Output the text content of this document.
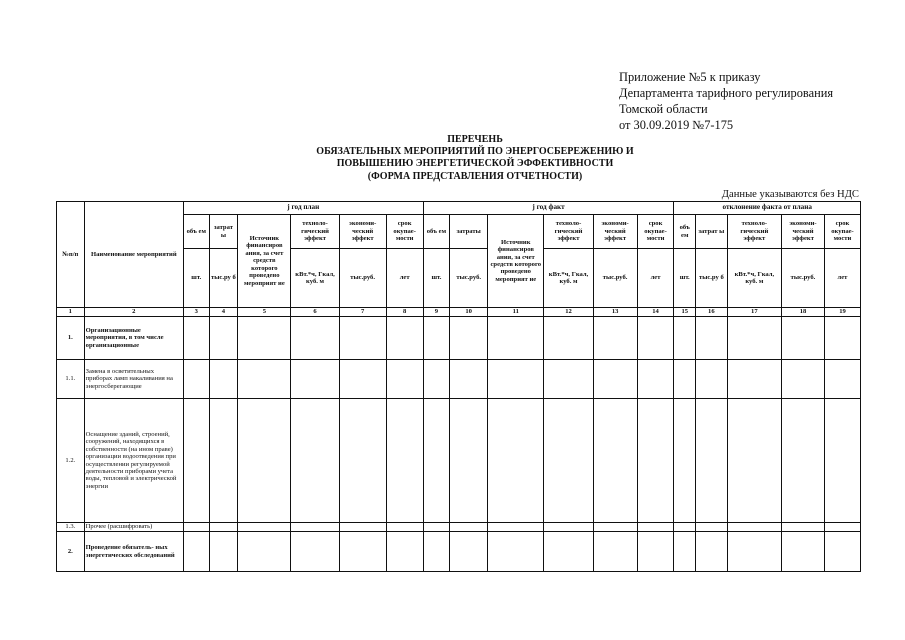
Приложение №5 к приказу
Департамента тарифного регулирования
Томской области
от 30.09.2019 №7-175
ПЕРЕЧЕНЬ
ОБЯЗАТЕЛЬНЫХ МЕРОПРИЯТИЙ ПО ЭНЕРГОСБЕРЕЖЕНИЮ И
ПОВЫШЕНИЮ ЭНЕРГЕТИЧЕСКОЙ ЭФФЕКТИВНОСТИ
(ФОРМА ПРЕДСТАВЛЕНИЯ ОТЧЕТНОСТИ)
Данные указываются без НДС
№п/п	Наименование мероприятий	j год план						j год факт						отклонение факта от плана				
		объ ем	затрат ы	Источник финансиров ания, за счет средств которого проведено мероприят ие	техноло- гический эффект	экономи- ческий эффект	срок окупае- мости	объ ем	затраты	Источник финансиров ания, за счет средств которого проведено мероприят ие	техноло- гический эффект	экономи- ческий эффект	срок окупае- мости	объ ем	затрат ы	техноло- гический эффект	экономи- ческий эффект	срок окупае- мости
		шт.	тыс.ру б		кВт.*ч, Гкал, куб. м	тыс.руб.	лет	шт.	тыс.руб.		кВт.*ч, Гкал, куб. м	тыс.руб.	лет	шт.	тыс.ру б	кВт.*ч, Гкал, куб. м	тыс.руб.	лет
1	2	3	4	5	6	7	8	9	10	11	12	13	14	15	16	17	18	19
1.	Организационные мероприятия, в том числе организационные																	
1.1.	Замена в осветительных приборах ламп накаливания на энергосберегающие																	
1.2.	Оснащение зданий, строений, сооружений, находящихся в собственности (на ином праве) организации водоотведения при осуществлении регулируемой деятельности приборами учета воды, тепловой и электрической энергии																	
1.3.	Прочее (расшифровать)																	
2.	Проведение обязатель- ных энергетических обследований																	
